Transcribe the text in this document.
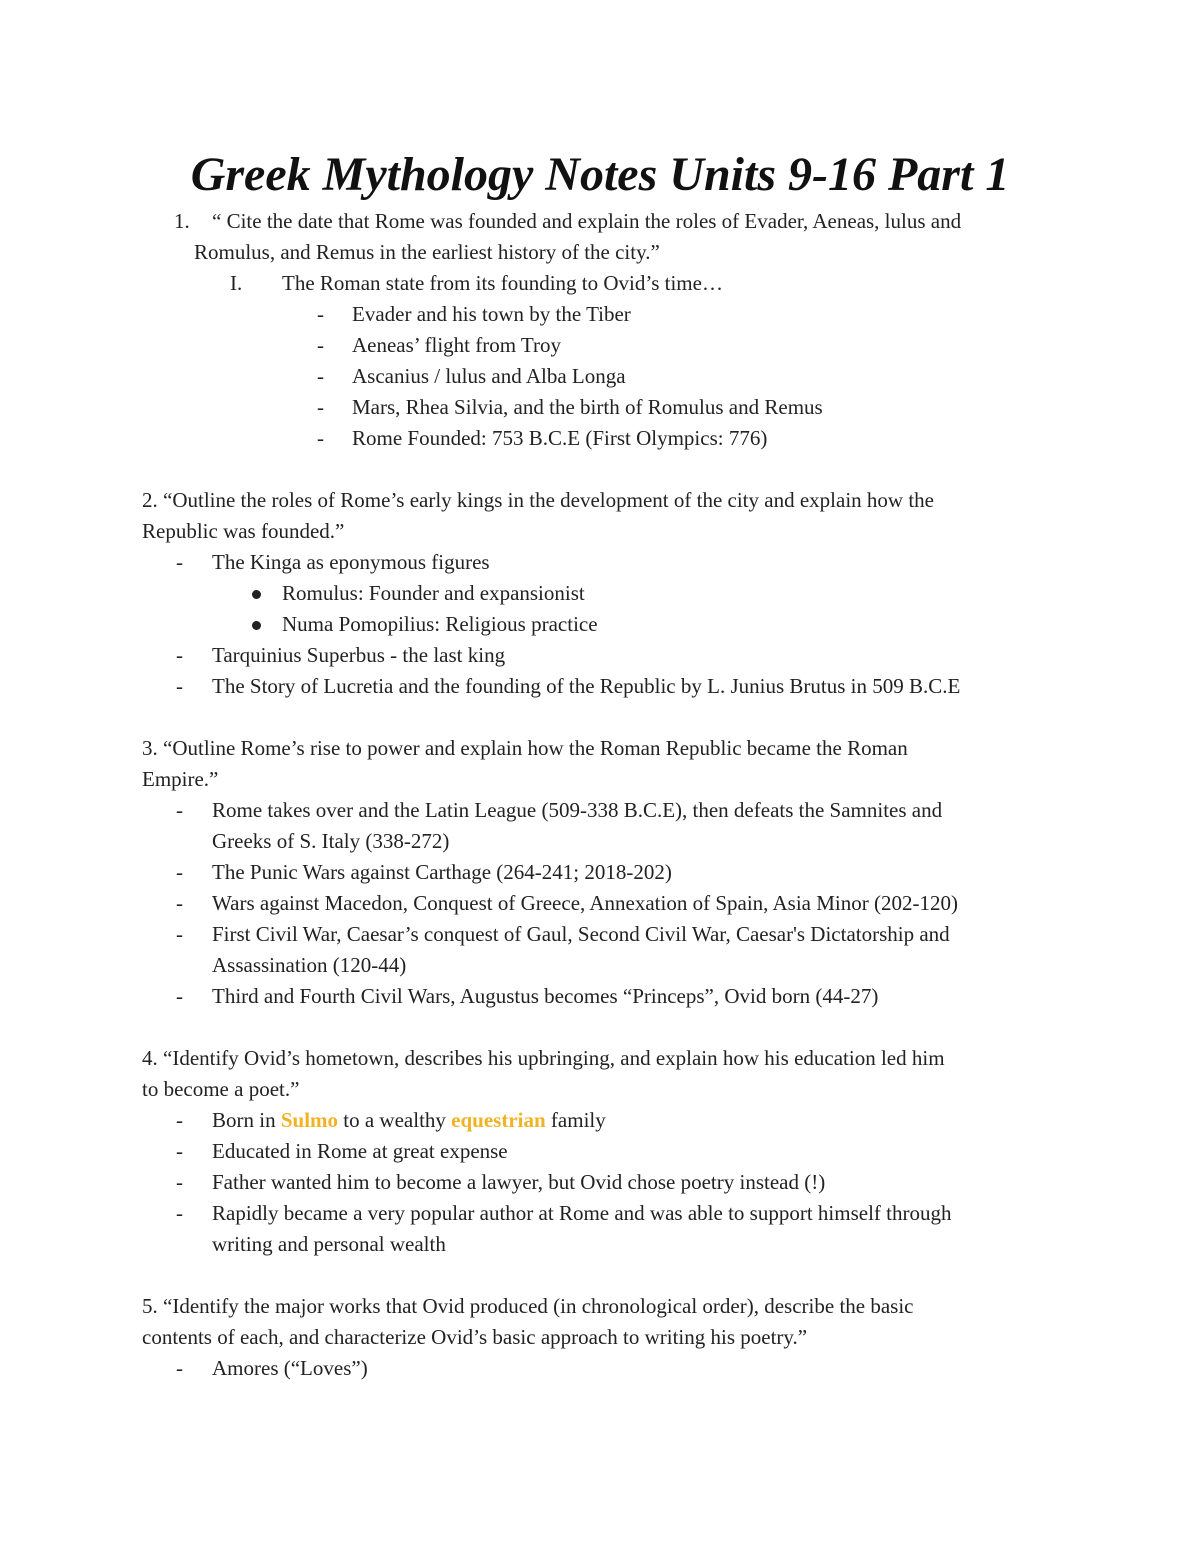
Greek Mythology Notes Units 9-16 Part 1
1. “ Cite the date that Rome was founded and explain the roles of Evader, Aeneas, lulus and
Romulus, and Remus in the earliest history of the city.”
I. The Roman state from its founding to Ovid’s time…
- Evader and his town by the Tiber
- Aeneas’ flight from Troy
- Ascanius / lulus and Alba Longa
- Mars, Rhea Silvia, and the birth of Romulus and Remus
- Rome Founded: 753 B.C.E (First Olympics: 776)
2. “Outline the roles of Rome’s early kings in the development of the city and explain how the
Republic was founded.”
- The Kinga as eponymous figures
Romulus: Founder and expansionist
Numa Pomopilius: Religious practice
- Tarquinius Superbus - the last king
- The Story of Lucretia and the founding of the Republic by L. Junius Brutus in 509 B.C.E
3. “Outline Rome’s rise to power and explain how the Roman Republic became the Roman
Empire.”
- Rome takes over and the Latin League (509-338 B.C.E), then defeats the Samnites and
Greeks of S. Italy (338-272)
- The Punic Wars against Carthage (264-241; 2018-202)
- Wars against Macedon, Conquest of Greece, Annexation of Spain, Asia Minor (202-120)
- First Civil War, Caesar’s conquest of Gaul, Second Civil War, Caesar's Dictatorship and
Assassination (120-44)
- Third and Fourth Civil Wars, Augustus becomes “Princeps”, Ovid born (44-27)
4. “Identify Ovid’s hometown, describes his upbringing, and explain how his education led him
to become a poet.”
- Born in Sulmo to a wealthy equestrian family
- Educated in Rome at great expense
- Father wanted him to become a lawyer, but Ovid chose poetry instead (!)
- Rapidly became a very popular author at Rome and was able to support himself through
writing and personal wealth
5. “Identify the major works that Ovid produced (in chronological order), describe the basic
contents of each, and characterize Ovid’s basic approach to writing his poetry.”
- Amores (“Loves”)
